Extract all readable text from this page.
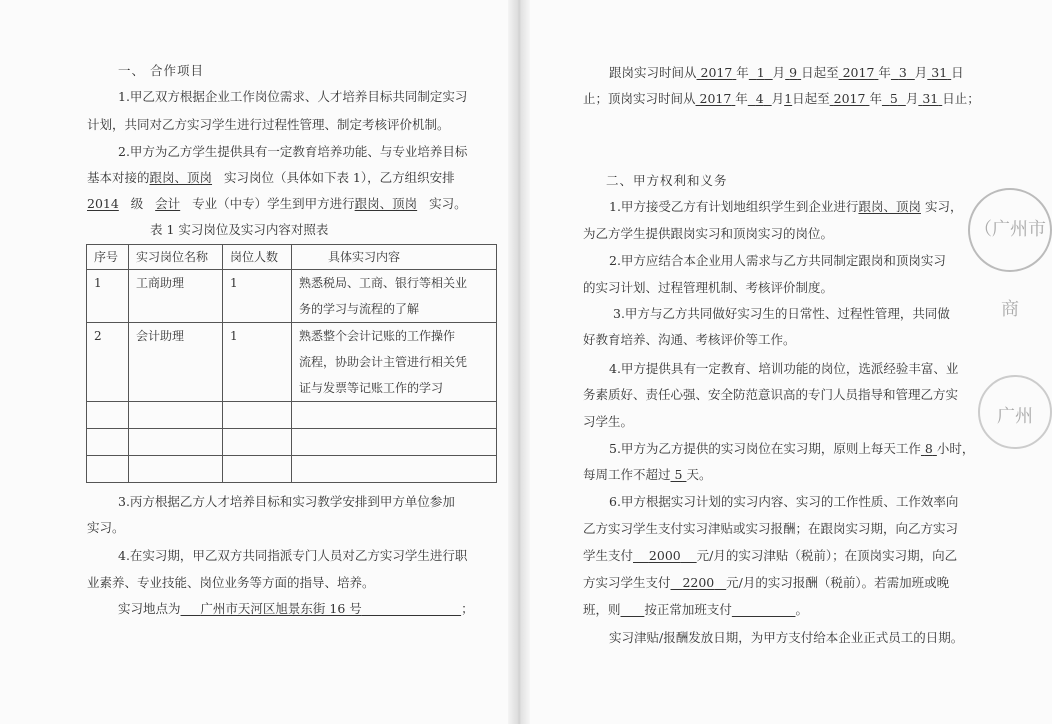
一、 合作项目
1.甲乙双方根据企业工作岗位需求、人才培养目标共同制定实习
计划，共同对乙方实习学生进行过程性管理、制定考核评价机制。
2.甲方为乙方学生提供具有一定教育培养功能、与专业培养目标
基本对接的跟岗、顶岗 实习岗位（具体如下表 1），乙方组织安排
2014 级 会计 专业（中专）学生到甲方进行跟岗、顶岗 实习。
表 1 实习岗位及实习内容对照表
序号	实习岗位名称	岗位人数	具体实习内容
1	工商助理	1	熟悉税局、工商、银行等相关业
务的学习与流程的了解

2	会计助理	1	熟悉整个会计记账的工作操作
流程，协助会计主管进行相关凭
证与发票等记账工作的学习

3.丙方根据乙方人才培养目标和实习教学安排到甲方单位参加
实习。
4.在实习期，甲乙双方共同指派专门人员对乙方实习学生进行职
业素养、专业技能、岗位业务等方面的指导、培养。
实习地点为 广州市天河区旭景东街 16 号	；
跟岗实习时间从 2017 年 1 月 9 日起至 2017 年 3 月 31 日
止；顶岗实习时间从 2017 年 4 月1日起至 2017 年 5 月 31 日止；
二、甲方权利和义务
1.甲方接受乙方有计划地组织学生到企业进行跟岗、顶岗 实习，
为乙方学生提供跟岗实习和顶岗实习的岗位。
2.甲方应结合本企业用人需求与乙方共同制定跟岗和顶岗实习
的实习计划、过程管理机制、考核评价制度。
3.甲方与乙方共同做好实习生的日常性、过程性管理，共同做
好教育培养、沟通、考核评价等工作。
4.甲方提供具有一定教育、培训功能的岗位，选派经验丰富、业
务素质好、责任心强、安全防范意识高的专门人员指导和管理乙方实
习学生。
5.甲方为乙方提供的实习岗位在实习期，原则上每天工作 8 小时，
每周工作不超过 5 天。
6.甲方根据实习计划的实习内容、实习的工作性质、工作效率向
乙方实习学生支付实习津贴或实习报酬；在跟岗实习期，向乙方实习
学生支付 2000 元/月的实习津贴（税前）；在顶岗实习期，向乙
方实习学生支付 2200 元/月的实习报酬（税前）。若需加班或晚
班，则 按正常加班支付	。
实习津贴/报酬发放日期，为甲方支付给本企业正式员工的日期。
（广州市商
广州
